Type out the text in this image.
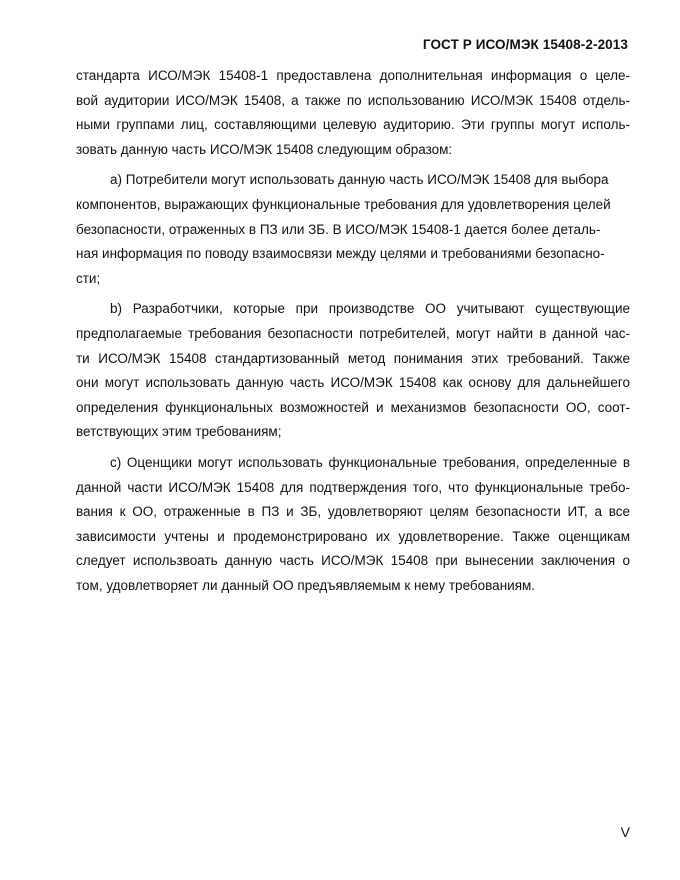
ГОСТ Р ИСО/МЭК 15408-2-2013
стандарта ИСО/МЭК 15408-1 предоставлена дополнительная информация о целе-
вой аудитории ИСО/МЭК 15408, а также по использованию ИСО/МЭК 15408 отдель-
ными группами лиц, составляющими целевую аудиторию. Эти группы могут исполь-
зовать данную часть ИСО/МЭК 15408 следующим образом:
а) Потребители могут использовать данную часть ИСО/МЭК 15408 для выбора
компонентов, выражающих функциональные требования для удовлетворения целей
безопасности, отраженных в ПЗ или ЗБ. В ИСО/МЭК 15408-1 дается более деталь-
ная информация по поводу взаимосвязи между целями и требованиями безопасно-
сти;
b) Разработчики, которые при производстве ОО учитывают существующие
предполагаемые требования безопасности потребителей, могут найти в данной час-
ти ИСО/МЭК 15408 стандартизованный метод понимания этих требований. Также
они могут использовать данную часть ИСО/МЭК 15408 как основу для дальнейшего
определения функциональных возможностей и механизмов безопасности ОО, соот-
ветствующих этим требованиям;
с) Оценщики могут использовать функциональные требования, определенные в
данной части ИСО/МЭК 15408 для подтверждения того, что функциональные требо-
вания к ОО, отраженные в ПЗ и ЗБ, удовлетворяют целям безопасности ИТ, а все
зависимости учтены и продемонстрировано их удовлетворение. Также оценщикам
следует использвоать данную часть ИСО/МЭК 15408 при вынесении заключения о
том, удовлетворяет ли данный ОО предъявляемым к нему требованиям.
V
